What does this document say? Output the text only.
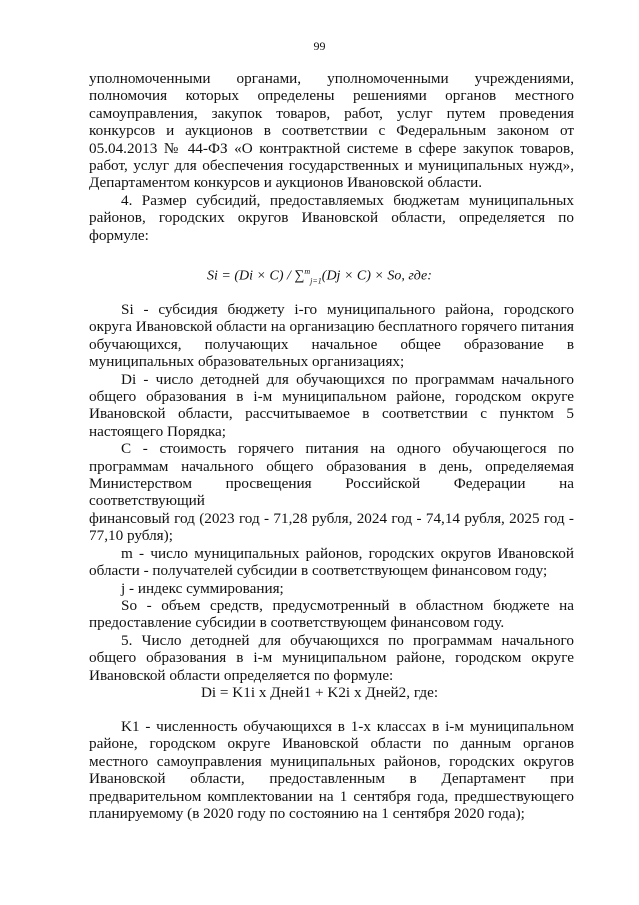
99

уполномоченными органами, уполномоченными учреждениями,

полномочия которых определены решениями органов местного

самоуправления, закупок товаров, работ, услуг путем проведения

конкурсов и аукционов в соответствии с Федеральным законом от

05.04.2013 № 44-ФЗ «О контрактной системе в сфере закупок товаров,

работ, услуг для обеспечения государственных и муниципальных нужд»,

Департаментом конкурсов и аукционов Ивановской области.

4. Размер субсидий, предоставляемых бюджетам муниципальных

районов, городских округов Ивановской области, определяется по

формуле:

Si = (Di × C) / ∑$^m_{j=1}$(Dj × C) × So, где:

Si - субсидия бюджету i-го муниципального района, городского

округа Ивановской области на организацию бесплатного горячего питания

обучающихся, получающих начальное общее образование в

муниципальных образовательных организациях;

Di - число детодней для обучающихся по программам начального

общего образования в i-м муниципальном районе, городском округе

Ивановской области, рассчитываемое в соответствии с пунктом 5

настоящего Порядка;

C - стоимость горячего питания на одного обучающегося по

программам начального общего образования в день, определяемая

Министерством просвещения Российской Федерации на соответствующий

финансовый год (2023 год - 71,28 рубля, 2024 год - 74,14 рубля, 2025 год -

77,10 рубля);

m - число муниципальных районов, городских округов Ивановской

области - получателей субсидии в соответствующем финансовом году;

j - индекс суммирования;

So - объем средств, предусмотренный в областном бюджете на

предоставление субсидии в соответствующем финансовом году.

5. Число детодней для обучающихся по программам начального

общего образования в i-м муниципальном районе, городском округе

Ивановской области определяется по формуле:

Di = K1i x Дней1 + K2i x Дней2, где:

K1 - численность обучающихся в 1-х классах в i-м муниципальном

районе, городском округе Ивановской области по данным органов

местного самоуправления муниципальных районов, городских округов

Ивановской области, предоставленным в Департамент при

предварительном комплектовании на 1 сентября года, предшествующего

планируемому (в 2020 году по состоянию на 1 сентября 2020 года);
